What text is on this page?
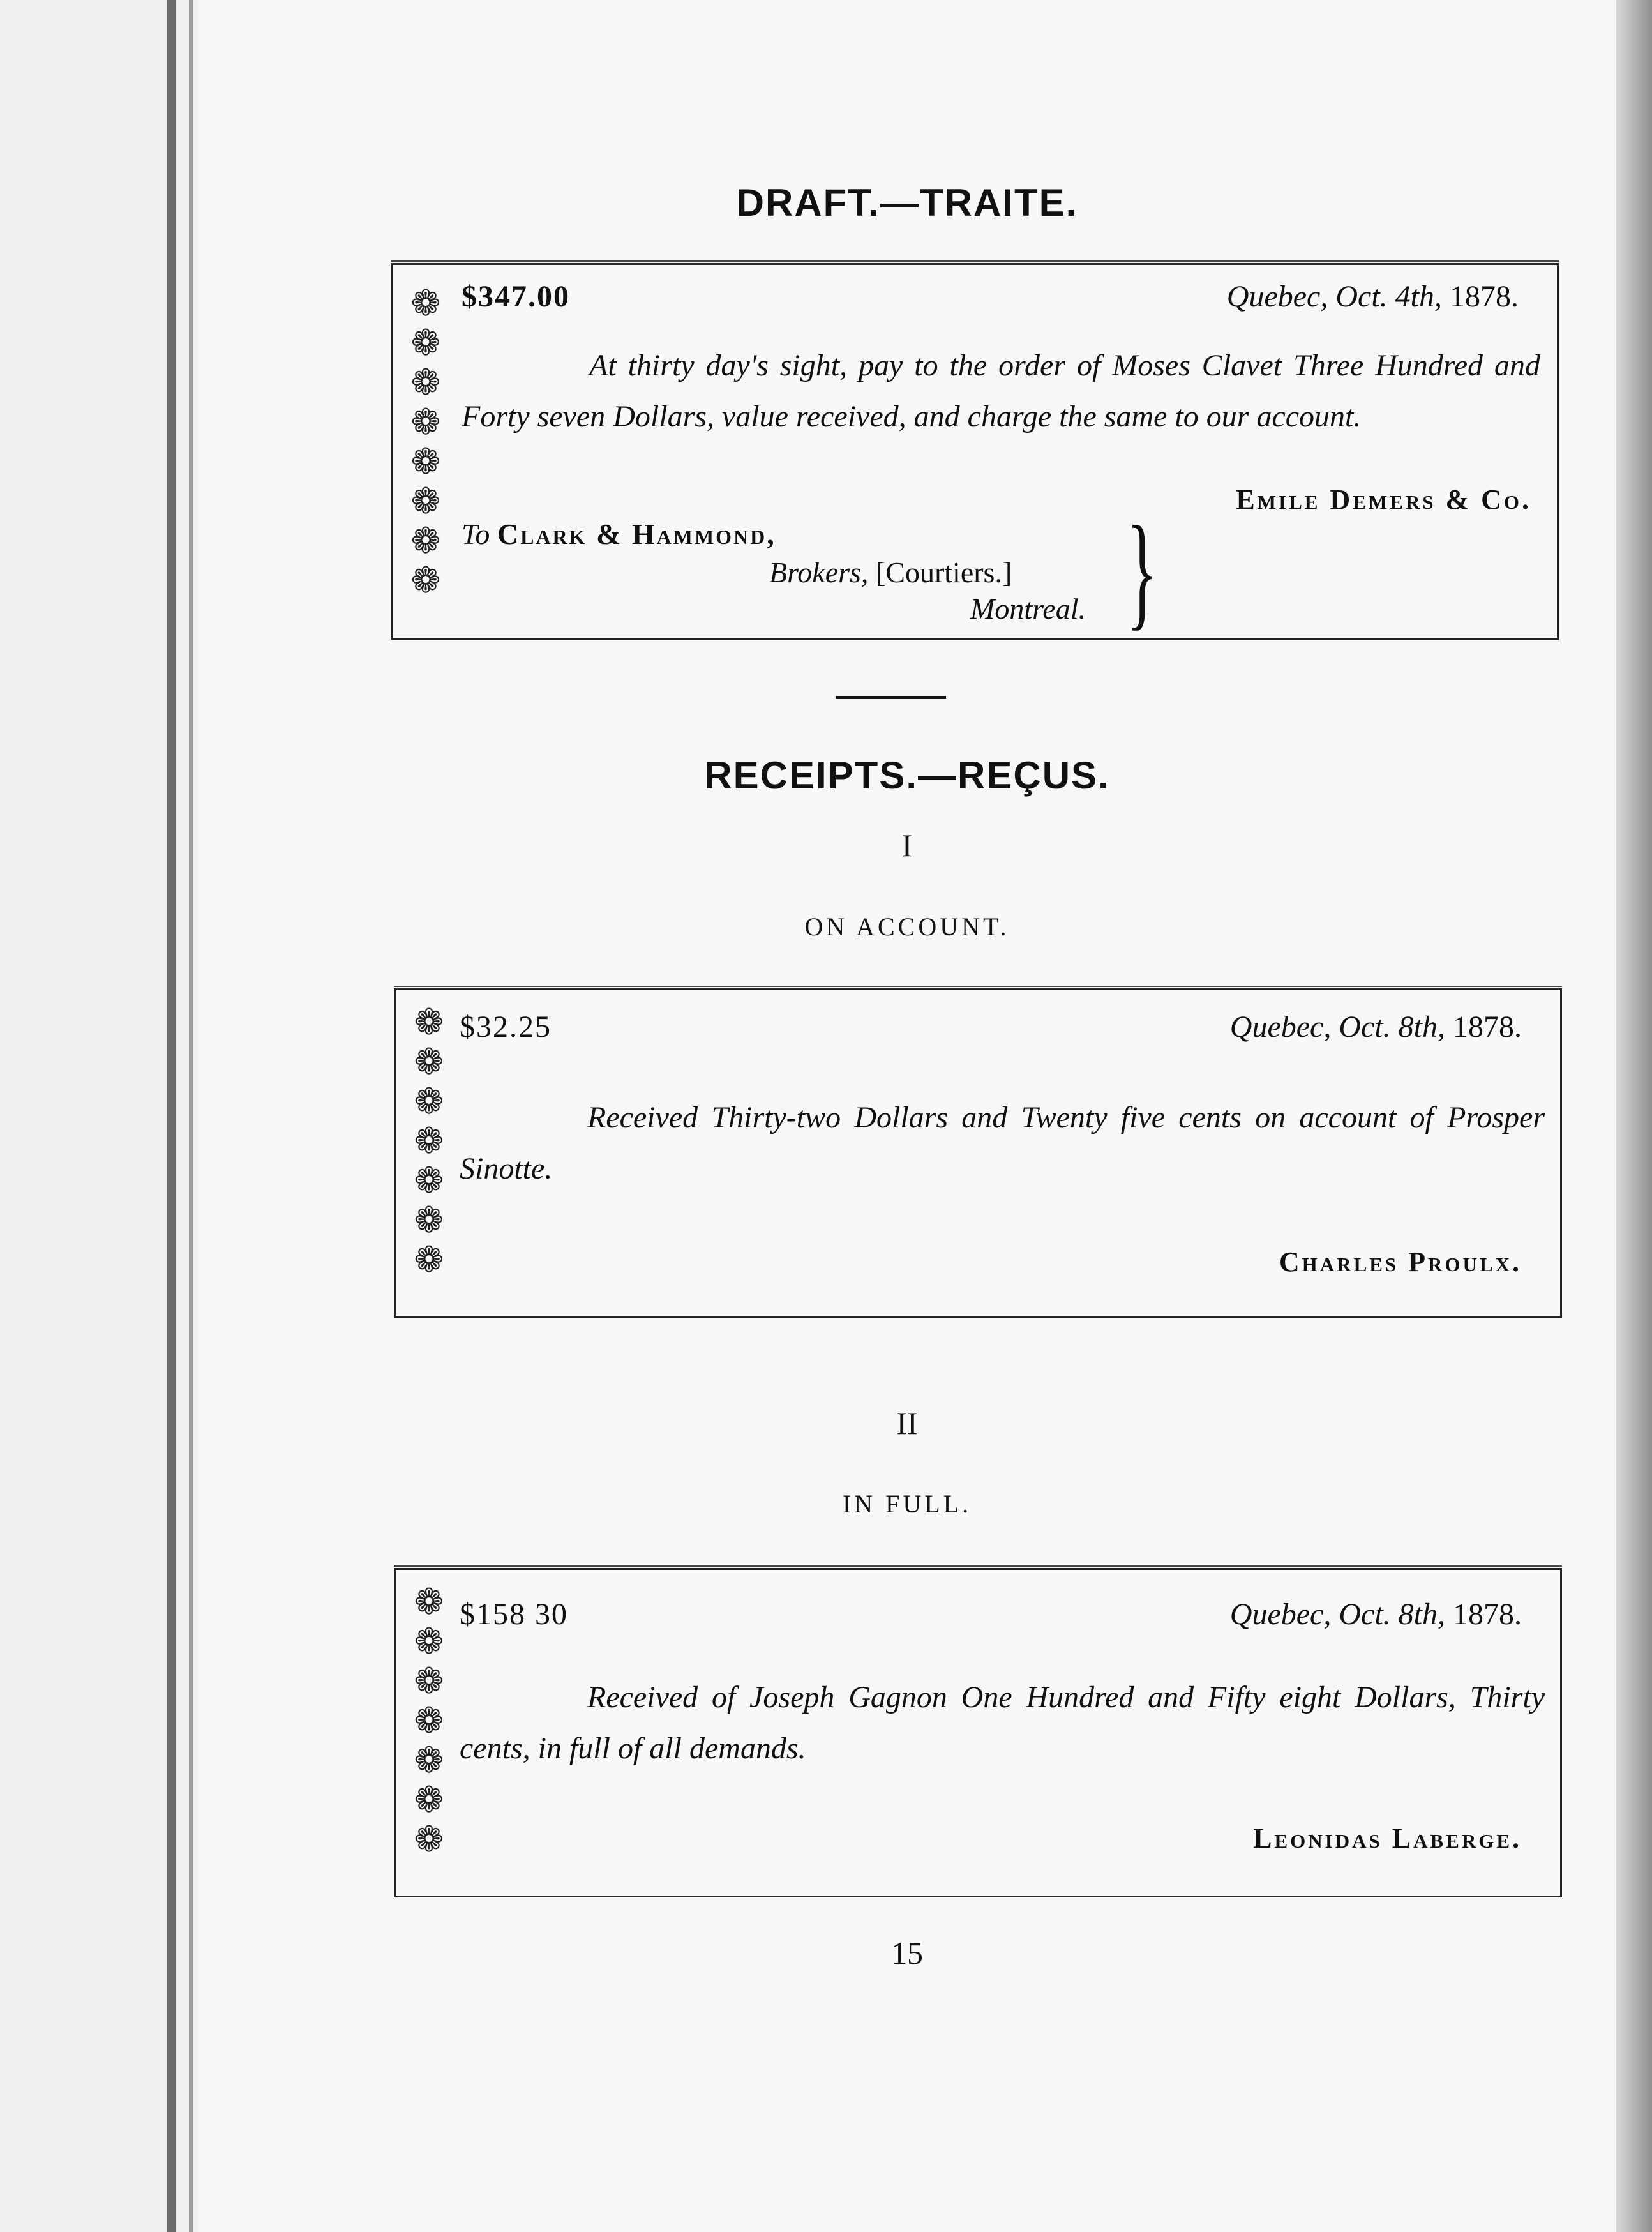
DRAFT.—TRAITE.
❁
❁
❁
❁
❁
❁
❁
❁
$347.00	Quebec, Oct. 4th, 1878.
At thirty day's sight, pay to the order of Moses Clavet Three Hundred and Forty seven Dollars, value received, and charge the same to our account.
Emile Demers & Co.
To Clark & Hammond,
Brokers, [Courtiers.]
Montreal. }
RECEIPTS.—REÇUS.
I
ON ACCOUNT.
❁
❁
❁
❁
❁
❁
❁
$32.25	Quebec, Oct. 8th, 1878.
Received Thirty-two Dollars and Twenty five cents on account of Prosper Sinotte.
Charles Proulx.
II
IN FULL.
❁
❁
❁
❁
❁
❁
❁
$158 30	Quebec, Oct. 8th, 1878.
Received of Joseph Gagnon One Hundred and Fifty eight Dollars, Thirty cents, in full of all demands.
Leonidas Laberge.
15
